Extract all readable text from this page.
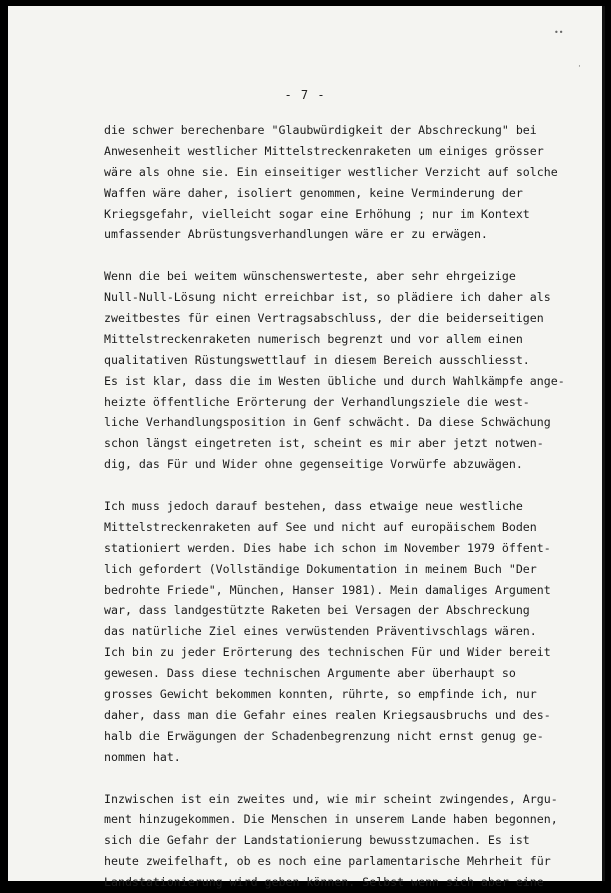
••
·
- 7 -
die schwer berechenbare "Glaubwürdigkeit der Abschreckung" bei
Anwesenheit westlicher Mittelstreckenraketen um einiges grösser
wäre als ohne sie. Ein einseitiger westlicher Verzicht auf solche
Waffen wäre daher, isoliert genommen, keine Verminderung der
Kriegsgefahr, vielleicht sogar eine Erhöhung ; nur im Kontext
umfassender Abrüstungsverhandlungen wäre er zu erwägen.
Wenn die bei weitem wünschenswerteste, aber sehr ehrgeizige
Null-Null-Lösung nicht erreichbar ist, so plädiere ich daher als
zweitbestes für einen Vertragsabschluss, der die beiderseitigen
Mittelstreckenraketen numerisch begrenzt und vor allem einen
qualitativen Rüstungswettlauf in diesem Bereich ausschliesst.
Es ist klar, dass die im Westen übliche und durch Wahlkämpfe ange-
heizte öffentliche Erörterung der Verhandlungsziele die west-
liche Verhandlungsposition in Genf schwächt. Da diese Schwächung
schon längst eingetreten ist, scheint es mir aber jetzt notwen-
dig, das Für und Wider ohne gegenseitige Vorwürfe abzuwägen.
Ich muss jedoch darauf bestehen, dass etwaige neue westliche
Mittelstreckenraketen auf See und nicht auf europäischem Boden
stationiert werden. Dies habe ich schon im November 1979 öffent-
lich gefordert (Vollständige Dokumentation in meinem Buch "Der
bedrohte Friede", München, Hanser 1981). Mein damaliges Argument
war, dass landgestützte Raketen bei Versagen der Abschreckung
das natürliche Ziel eines verwüstenden Präventivschlags wären.
Ich bin zu jeder Erörterung des technischen Für und Wider bereit
gewesen. Dass diese technischen Argumente aber überhaupt so
grosses Gewicht bekommen konnten, rührte, so empfinde ich, nur
daher, dass man die Gefahr eines realen Kriegsausbruchs und des-
halb die Erwägungen der Schadenbegrenzung nicht ernst genug ge-
nommen hat.
Inzwischen ist ein zweites und, wie mir scheint zwingendes, Argu-
ment hinzugekommen. Die Menschen in unserem Lande haben begonnen,
sich die Gefahr der Landstationierung bewusstzumachen. Es ist
heute zweifelhaft, ob es noch eine parlamentarische Mehrheit für
Landstationierung wird geben können. Selbst wenn sich aber eine
